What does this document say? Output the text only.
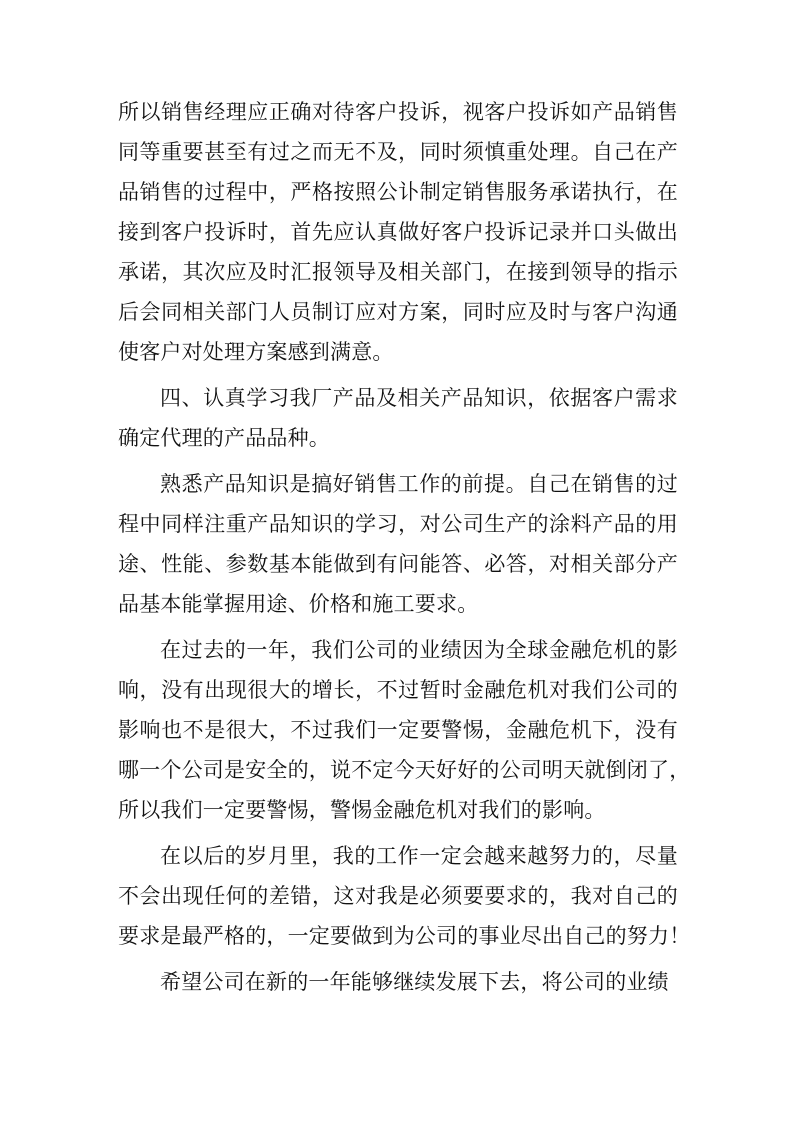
所以销售经理应正确对待客户投诉，视客户投诉如产品销售
同等重要甚至有过之而无不及，同时须慎重处理。自己在产
品销售的过程中，严格按照公讣制定销售服务承诺执行，在
接到客户投诉时，首先应认真做好客户投诉记录并口头做出
承诺，其次应及时汇报领导及相关部门，在接到领导的指示
后会同相关部门人员制订应对方案，同时应及时与客户沟通
使客户对处理方案感到满意。
四、认真学习我厂产品及相关产品知识，依据客户需求
确定代理的产品品种。
熟悉产品知识是搞好销售工作的前提。自己在销售的过
程中同样注重产品知识的学习，对公司生产的涂料产品的用
途、性能、参数基本能做到有问能答、必答，对相关部分产
品基本能掌握用途、价格和施工要求。
在过去的一年，我们公司的业绩因为全球金融危机的影
响，没有出现很大的增长，不过暂时金融危机对我们公司的
影响也不是很大，不过我们一定要警惕，金融危机下，没有
哪一个公司是安全的，说不定今天好好的公司明天就倒闭了，
所以我们一定要警惕，警惕金融危机对我们的影响。
在以后的岁月里，我的工作一定会越来越努力的，尽量
不会出现任何的差错，这对我是必须要要求的，我对自己的
要求是最严格的，一定要做到为公司的事业尽出自己的努力！
希望公司在新的一年能够继续发展下去，将公司的业绩
